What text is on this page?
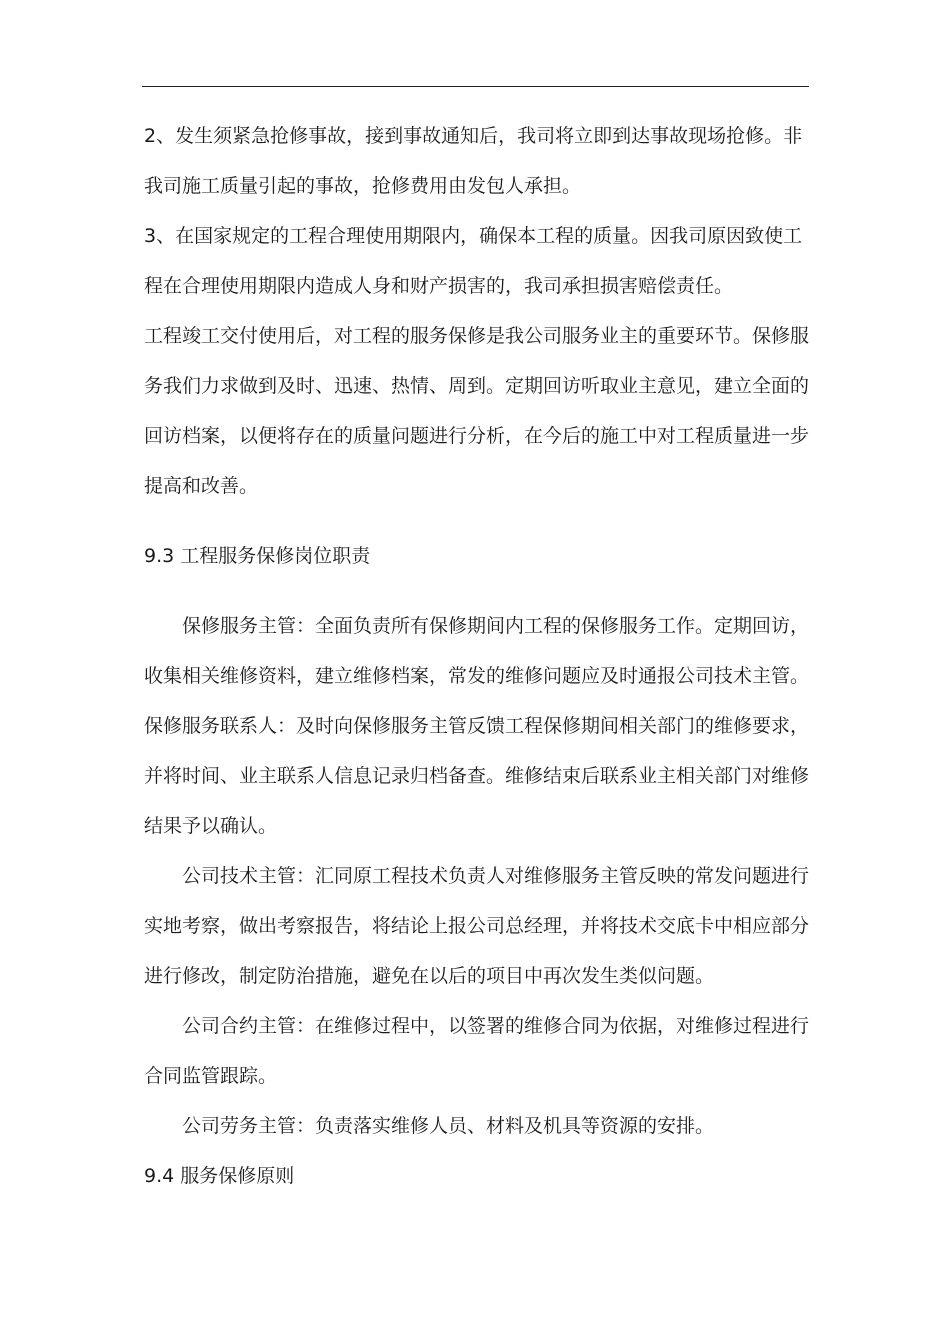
2、发生须紧急抢修事故，接到事故通知后，我司将立即到达事故现场抢修。非
我司施工质量引起的事故，抢修费用由发包人承担。
3、在国家规定的工程合理使用期限内，确保本工程的质量。因我司原因致使工
程在合理使用期限内造成人身和财产损害的，我司承担损害赔偿责任。
工程竣工交付使用后，对工程的服务保修是我公司服务业主的重要环节。保修服
务我们力求做到及时、迅速、热情、周到。定期回访听取业主意见，建立全面的
回访档案，以便将存在的质量问题进行分析，在今后的施工中对工程质量进一步
提高和改善。
9.3 工程服务保修岗位职责
保修服务主管：全面负责所有保修期间内工程的保修服务工作。定期回访，
收集相关维修资料，建立维修档案，常发的维修问题应及时通报公司技术主管。
保修服务联系人：及时向保修服务主管反馈工程保修期间相关部门的维修要求，
并将时间、业主联系人信息记录归档备查。维修结束后联系业主相关部门对维修
结果予以确认。
公司技术主管：汇同原工程技术负责人对维修服务主管反映的常发问题进行
实地考察，做出考察报告，将结论上报公司总经理，并将技术交底卡中相应部分
进行修改，制定防治措施，避免在以后的项目中再次发生类似问题。
公司合约主管：在维修过程中，以签署的维修合同为依据，对维修过程进行
合同监管跟踪。
公司劳务主管：负责落实维修人员、材料及机具等资源的安排。
9.4 服务保修原则
